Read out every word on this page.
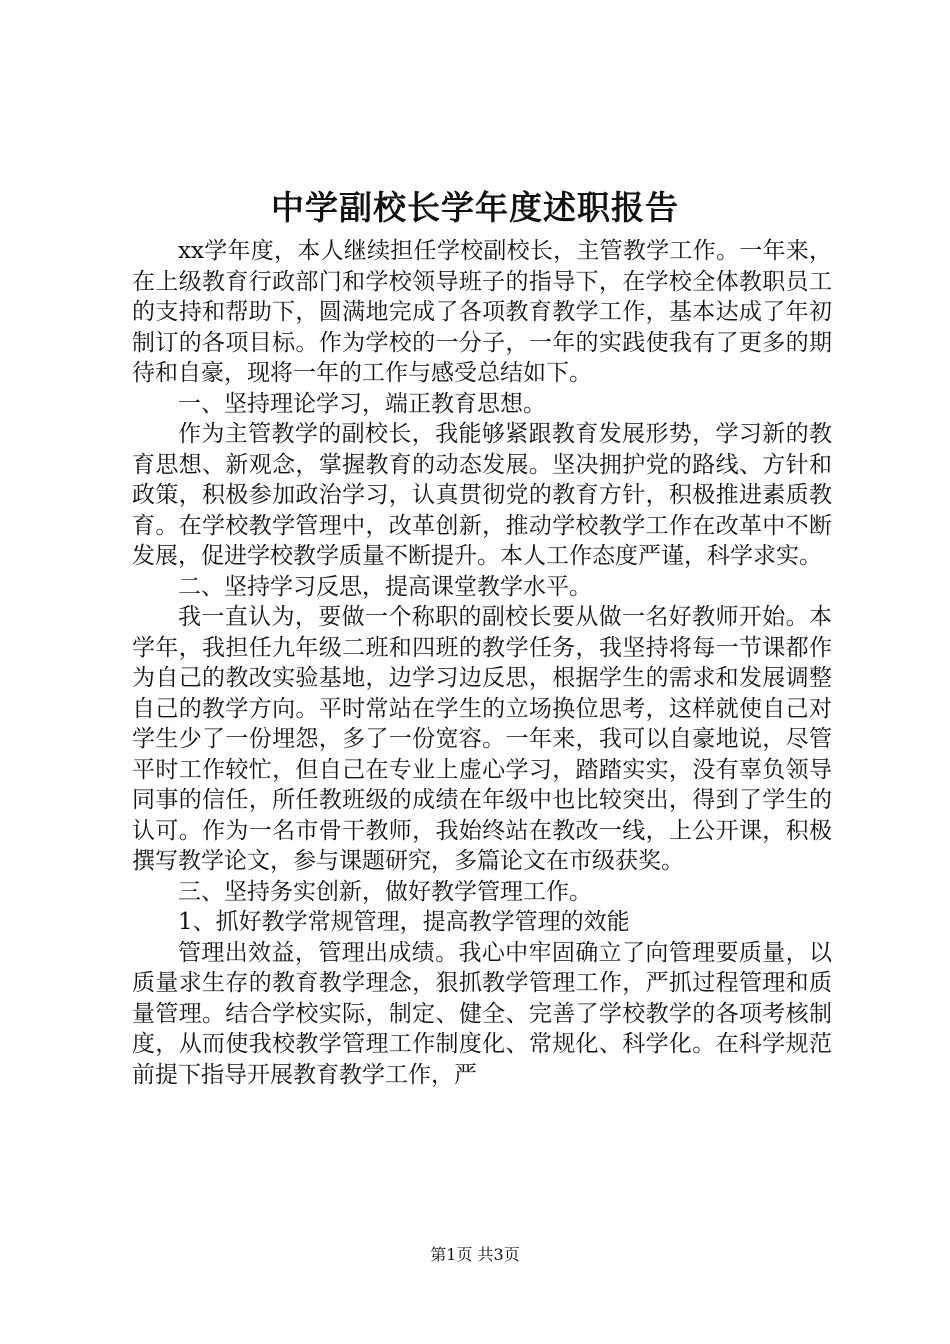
中学副校长学年度述职报告

xx学年度，本人继续担任学校副校长，主管教学工作。一年来，在上级教育行政部门和学校领导班子的指导下，在学校全体教职员工的支持和帮助下，圆满地完成了各项教育教学工作，基本达成了年初制订的各项目标。作为学校的一分子，一年的实践使我有了更多的期待和自豪，现将一年的工作与感受总结如下。

一、坚持理论学习，端正教育思想。

作为主管教学的副校长，我能够紧跟教育发展形势，学习新的教育思想、新观念，掌握教育的动态发展。坚决拥护党的路线、方针和政策，积极参加政治学习，认真贯彻党的教育方针，积极推进素质教育。在学校教学管理中，改革创新，推动学校教学工作在改革中不断发展，促进学校教学质量不断提升。本人工作态度严谨，科学求实。

二、坚持学习反思，提高课堂教学水平。

我一直认为，要做一个称职的副校长要从做一名好教师开始。本学年，我担任九年级二班和四班的教学任务，我坚持将每一节课都作为自己的教改实验基地，边学习边反思，根据学生的需求和发展调整自己的教学方向。平时常站在学生的立场换位思考，这样就使自己对学生少了一份埋怨，多了一份宽容。一年来，我可以自豪地说，尽管平时工作较忙，但自己在专业上虚心学习，踏踏实实，没有辜负领导同事的信任，所任教班级的成绩在年级中也比较突出，得到了学生的认可。作为一名市骨干教师，我始终站在教改一线，上公开课，积极撰写教学论文，参与课题研究，多篇论文在市级获奖。

三、坚持务实创新，做好教学管理工作。

1、抓好教学常规管理，提高教学管理的效能

管理出效益，管理出成绩。我心中牢固确立了向管理要质量，以质量求生存的教育教学理念，狠抓教学管理工作，严抓过程管理和质量管理。结合学校实际，制定、健全、完善了学校教学的各项考核制度，从而使我校教学管理工作制度化、常规化、科学化。在科学规范前提下指导开展教育教学工作，严

第1页 共3页
